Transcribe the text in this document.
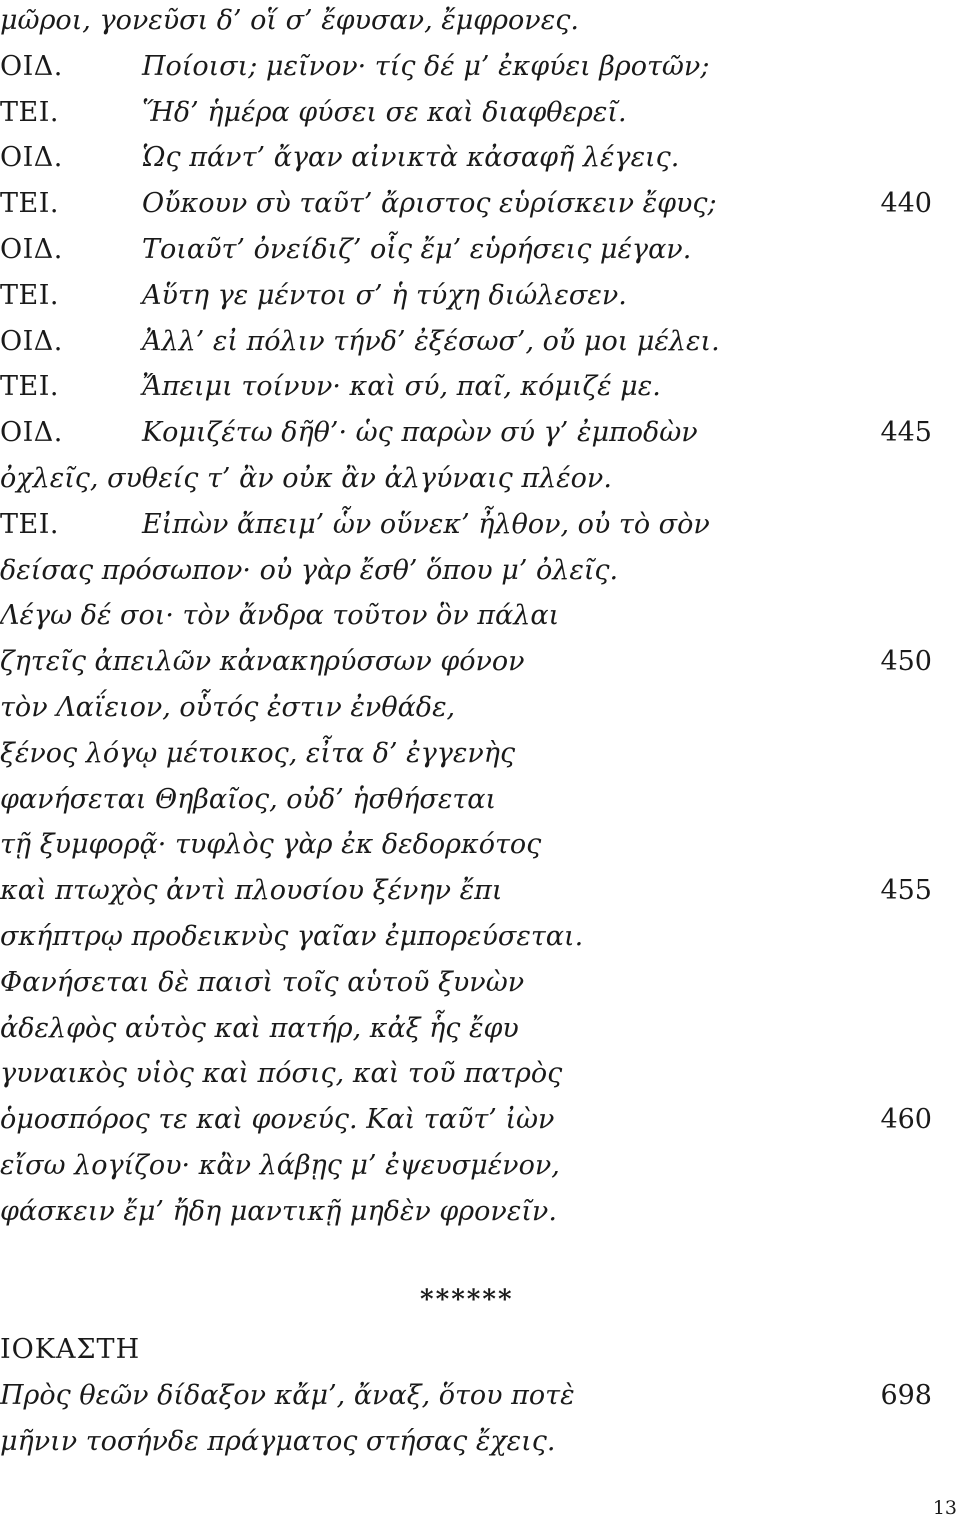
μῶροι, γονεῦσι δ’ οἵ σ’ ἔφυσαν, ἔμφρονες.
ΟΙΔ.	Ποίοισι; μεῖνον· τίς δέ μ’ ἐκφύει βροτῶν;
ΤΕΙ.	Ἥδ’ ἡμέρα φύσει σε καὶ διαφθερεῖ.
ΟΙΔ.	Ὡς πάντ’ ἄγαν αἰνικτὰ κἀσαφῆ λέγεις.
ΤΕΙ.	Οὔκουν σὺ ταῦτ’ ἄριστος εὑρίσκειν ἔφυς;	440
ΟΙΔ.	Τοιαῦτ’ ὀνείδιζ’ οἷς ἔμ’ εὑρήσεις μέγαν.
ΤΕΙ.	Αὕτη γε μέντοι σ’ ἡ τύχη διώλεσεν.
ΟΙΔ.	Ἀλλ’ εἰ πόλιν τήνδ’ ἐξέσωσ’, οὔ μοι μέλει.
ΤΕΙ.	Ἄπειμι τοίνυν· καὶ σύ, παῖ, κόμιζέ με.
ΟΙΔ.	Κομιζέτω δῆθ’· ὡς παρὼν σύ γ’ ἐμποδὼν	445
ὀχλεῖς, συθείς τ’ ἂν οὐκ ἂν ἀλγύναις πλέον.
ΤΕΙ.	Εἰπὼν ἄπειμ’ ὧν οὕνεκ’ ἦλθον, οὐ τὸ σὸν
δείσας πρόσωπον· οὐ γὰρ ἔσθ’ ὅπου μ’ ὀλεῖς.
Λέγω δέ σοι· τὸν ἄνδρα τοῦτον ὃν πάλαι
ζητεῖς ἀπειλῶν κἀνακηρύσσων φόνον	450
τὸν Λαΐειον, οὗτός ἐστιν ἐνθάδε,
ξένος λόγῳ μέτοικος, εἶτα δ’ ἐγγενὴς
φανήσεται Θηβαῖος, οὐδ’ ἡσθήσεται
τῇ ξυμφορᾷ· τυφλὸς γὰρ ἐκ δεδορκότος
καὶ πτωχὸς ἀντὶ πλουσίου ξένην ἔπι	455
σκήπτρῳ προδεικνὺς γαῖαν ἐμπορεύσεται.
Φανήσεται δὲ παισὶ τοῖς αὑτοῦ ξυνὼν
ἀδελφὸς αὑτὸς καὶ πατήρ, κἀξ ἧς ἔφυ
γυναικὸς υἱὸς καὶ πόσις, καὶ τοῦ πατρὸς
ὁμοσπόρος τε καὶ φονεύς. Καὶ ταῦτ’ ἰὼν	460
εἴσω λογίζου· κἂν λάβῃς μ’ ἐψευσμένον,
φάσκειν ἔμ’ ἤδη μαντικῇ μηδὲν φρονεῖν.
******
ΙΟΚΑΣΤΗ
Πρὸς θεῶν δίδαξον κἄμ’, ἄναξ, ὅτου ποτὲ	698
μῆνιν τοσήνδε πράγματος στήσας ἔχεις.
13
